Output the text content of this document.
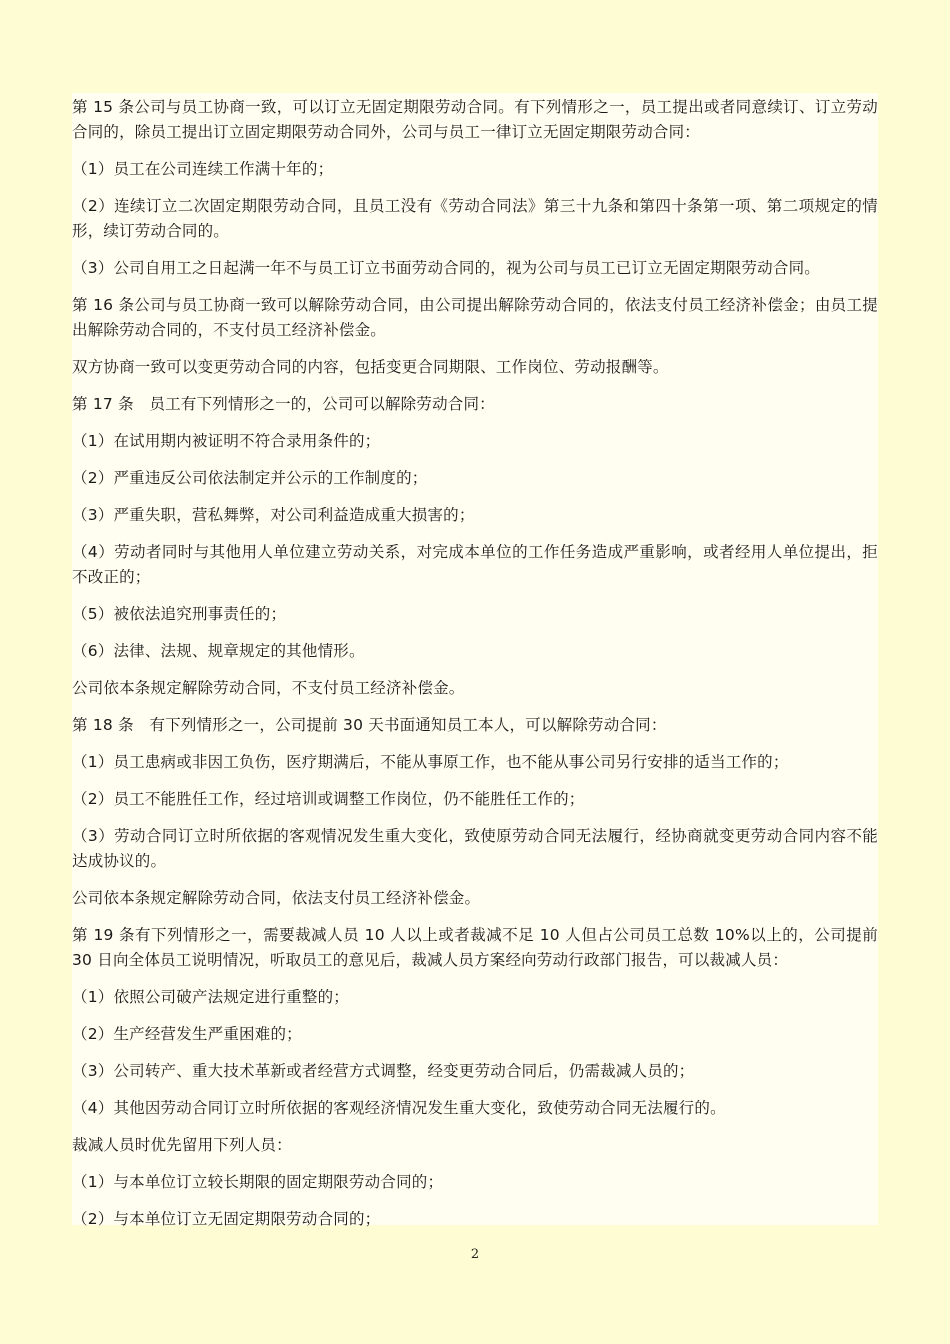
第 15 条公司与员工协商一致，可以订立无固定期限劳动合同。有下列情形之一，员工提出或者同意续订、订立劳动合同的，除员工提出订立固定期限劳动合同外，公司与员工一律订立无固定期限劳动合同：

（1）员工在公司连续工作满十年的；

（2）连续订立二次固定期限劳动合同，且员工没有《劳动合同法》第三十九条和第四十条第一项、第二项规定的情形，续订劳动合同的。

（3）公司自用工之日起满一年不与员工订立书面劳动合同的，视为公司与员工已订立无固定期限劳动合同。

第 16 条公司与员工协商一致可以解除劳动合同，由公司提出解除劳动合同的，依法支付员工经济补偿金；由员工提出解除劳动合同的，不支付员工经济补偿金。

双方协商一致可以变更劳动合同的内容，包括变更合同期限、工作岗位、劳动报酬等。

第 17 条　员工有下列情形之一的，公司可以解除劳动合同：

（1）在试用期内被证明不符合录用条件的；

（2）严重违反公司依法制定并公示的工作制度的；

（3）严重失职，营私舞弊，对公司利益造成重大损害的；

（4）劳动者同时与其他用人单位建立劳动关系，对完成本单位的工作任务造成严重影响，或者经用人单位提出，拒不改正的；

（5）被依法追究刑事责任的；

（6）法律、法规、规章规定的其他情形。

公司依本条规定解除劳动合同，不支付员工经济补偿金。

第 18 条　有下列情形之一，公司提前 30 天书面通知员工本人，可以解除劳动合同：

（1）员工患病或非因工负伤，医疗期满后，不能从事原工作，也不能从事公司另行安排的适当工作的；

（2）员工不能胜任工作，经过培训或调整工作岗位，仍不能胜任工作的；

（3）劳动合同订立时所依据的客观情况发生重大变化，致使原劳动合同无法履行，经协商就变更劳动合同内容不能达成协议的。

公司依本条规定解除劳动合同，依法支付员工经济补偿金。

第 19 条有下列情形之一，需要裁减人员 10 人以上或者裁减不足 10 人但占公司员工总数 10%以上的，公司提前 30 日向全体员工说明情况，听取员工的意见后，裁减人员方案经向劳动行政部门报告，可以裁减人员：

（1）依照公司破产法规定进行重整的；

（2）生产经营发生严重困难的；

（3）公司转产、重大技术革新或者经营方式调整，经变更劳动合同后，仍需裁减人员的；

（4）其他因劳动合同订立时所依据的客观经济情况发生重大变化，致使劳动合同无法履行的。

裁减人员时优先留用下列人员：

（1）与本单位订立较长期限的固定期限劳动合同的；

（2）与本单位订立无固定期限劳动合同的；

2
